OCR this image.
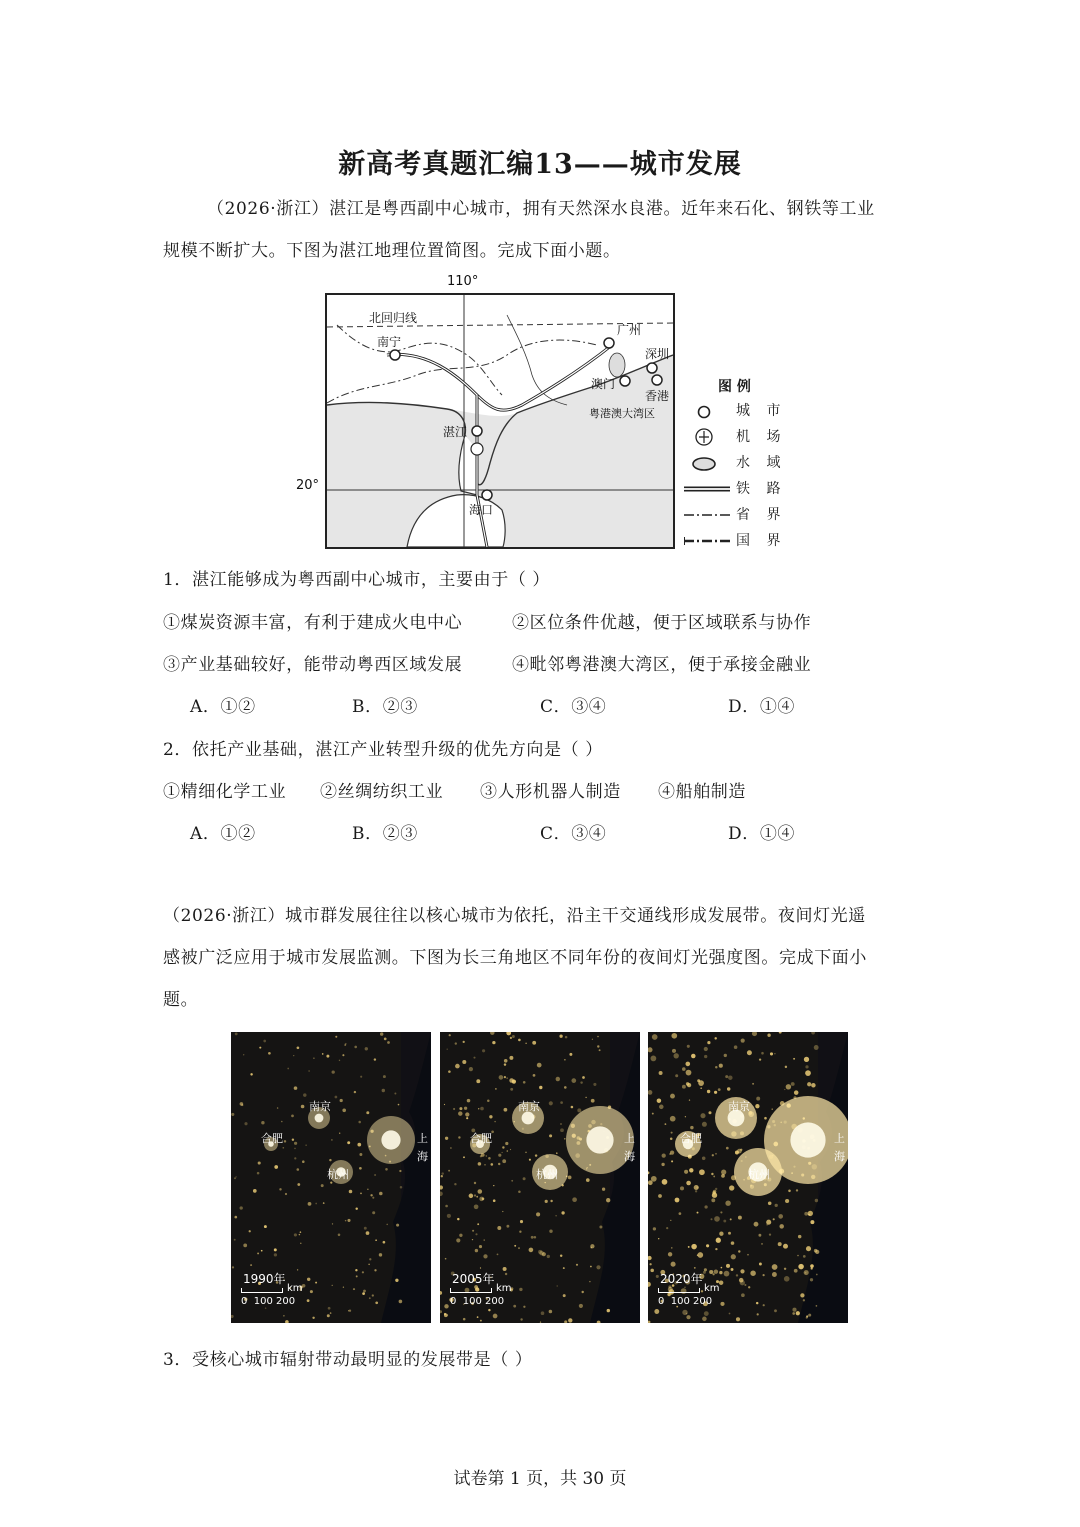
新高考真题汇编13——城市发展
（2026·浙江）湛江是粤西副中心城市，拥有天然深水良港。近年来石化、钢铁等工业
规模不断扩大。下图为湛江地理位置简图。完成下面小题。
110°
20°
北回归线
南宁
广州
深圳
澳门
香港
粤港澳大湾区
湛江
海口
图 例
城 市
机 场
水 域
铁 路
省 界
国 界
1．湛江能够成为粤西副中心城市，主要由于（ ）
①煤炭资源丰富，有利于建成火电中心	②区位条件优越，便于区域联系与协作
③产业基础较好，能带动粤西区域发展	④毗邻粤港澳大湾区，便于承接金融业
A．①②	B．②③	C．③④	D．①④
2．依托产业基础，湛江产业转型升级的优先方向是（ ）
①精细化学工业 ②丝绸纺织工业 ③人形机器人制造 ④船舶制造
A．①②	B．②③	C．③④	D．①④
（2026·浙江）城市群发展往往以核心城市为依托，沿主干交通线形成发展带。夜间灯光遥
感被广泛应用于城市发展监测。下图为长三角地区不同年份的夜间灯光强度图。完成下面小
题。
南京
合肥
杭州
上
海
1990年
km
0  100 200
南京
合肥
杭州
上
海
2005年
km
0  100 200
南京
合肥
杭州
上
海
2020年
km
0  100 200
3．受核心城市辐射带动最明显的发展带是（ ）
试卷第 1 页，共 30 页
